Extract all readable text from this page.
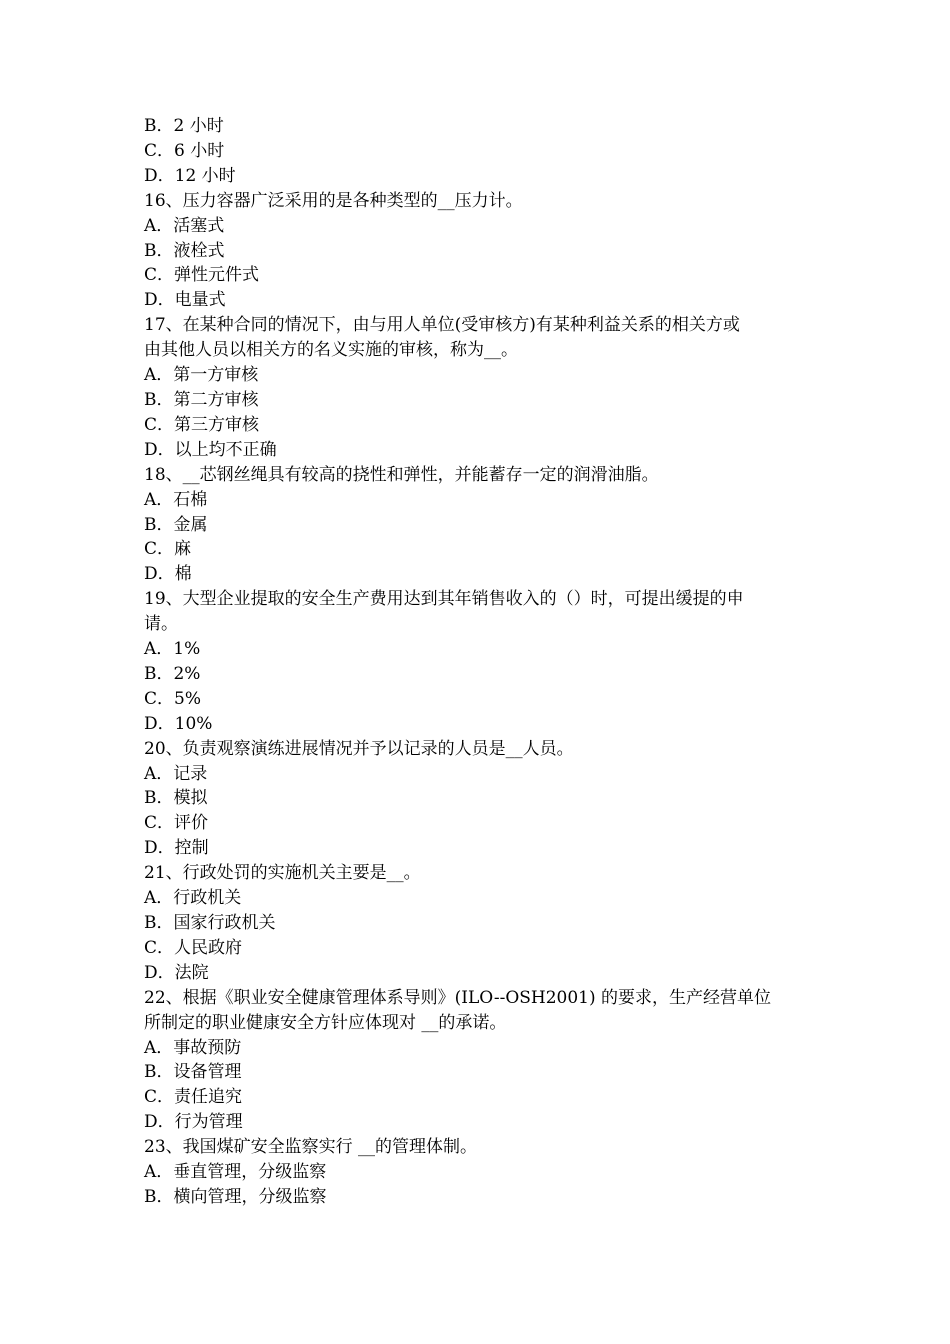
B．2 小时

C．6 小时

D．12 小时

16、压力容器广泛采用的是各种类型的__压力计。

A．活塞式

B．液栓式

C．弹性元件式

D．电量式

17、在某种合同的情况下，由与用人单位(受审核方)有某种利益关系的相关方或

由其他人员以相关方的名义实施的审核，称为__。

A．第一方审核

B．第二方审核

C．第三方审核

D．以上均不正确

18、__芯钢丝绳具有较高的挠性和弹性，并能蓄存一定的润滑油脂。

A．石棉

B．金属

C．麻

D．棉

19、大型企业提取的安全生产费用达到其年销售收入的（）时，可提出缓提的申

请。

A．1%

B．2%

C．5%

D．10%

20、负责观察演练进展情况并予以记录的人员是__人员。

A．记录

B．模拟

C．评价

D．控制

21、行政处罚的实施机关主要是__。

A．行政机关

B．国家行政机关

C．人民政府

D．法院

22、根据《职业安全健康管理体系导则》(ILO--OSH2001) 的要求，生产经营单位

所制定的职业健康安全方针应体现对 __的承诺。

A．事故预防

B．设备管理

C．责任追究

D．行为管理

23、我国煤矿安全监察实行 __的管理体制。

A．垂直管理，分级监察

B．横向管理，分级监察
